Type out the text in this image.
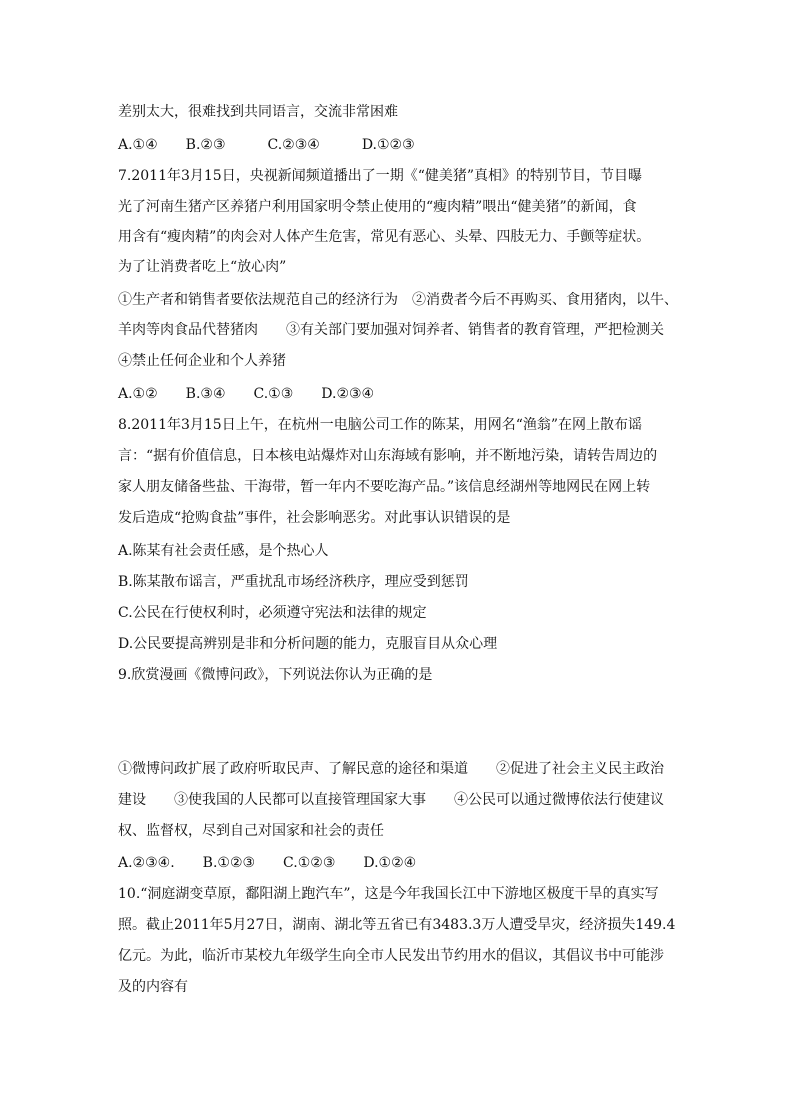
差别太大，很难找到共同语言，交流非常困难
A.①④　　B.②③　　　C.②③④　　　D.①②③
7.2011年3月15日，央视新闻频道播出了一期《“健美猪”真相》的特别节目，节目曝
光了河南生猪产区养猪户利用国家明令禁止使用的“瘦肉精”喂出“健美猪”的新闻，食
用含有“瘦肉精”的肉会对人体产生危害，常见有恶心、头晕、四肢无力、手颤等症状。
为了让消费者吃上“放心肉”
①生产者和销售者要依法规范自己的经济行为　②消费者今后不再购买、食用猪肉，以牛、
羊肉等肉食品代替猪肉　　③有关部门要加强对饲养者、销售者的教育管理，严把检测关
④禁止任何企业和个人养猪
A.①②　　B.③④　　C.①③　　D.②③④
8.2011年3月15日上午，在杭州一电脑公司工作的陈某，用网名“渔翁”在网上散布谣
言：“据有价值信息，日本核电站爆炸对山东海域有影响，并不断地污染，请转告周边的
家人朋友储备些盐、干海带，暂一年内不要吃海产品。”该信息经湖州等地网民在网上转
发后造成“抢购食盐”事件，社会影响恶劣。对此事认识错误的是
A.陈某有社会责任感，是个热心人
B.陈某散布谣言，严重扰乱市场经济秩序，理应受到惩罚
C.公民在行使权利时，必须遵守宪法和法律的规定
D.公民要提高辨别是非和分析问题的能力，克服盲目从众心理
9.欣赏漫画《微博问政》，下列说法你认为正确的是
①微博问政扩展了政府听取民声、了解民意的途径和渠道　　②促进了社会主义民主政治
建设　　③使我国的人民都可以直接管理国家大事　　④公民可以通过微博依法行使建议
权、监督权，尽到自己对国家和社会的责任
A.②③④.　　B.①②③　　C.①②③　　D.①②④
10.“洞庭湖变草原，鄱阳湖上跑汽车”，这是今年我国长江中下游地区极度干旱的真实写
照。截止2011年5月27日，湖南、湖北等五省已有3483.3万人遭受旱灾，经济损失149.4
亿元。为此，临沂市某校九年级学生向全市人民发出节约用水的倡议，其倡议书中可能涉
及的内容有
